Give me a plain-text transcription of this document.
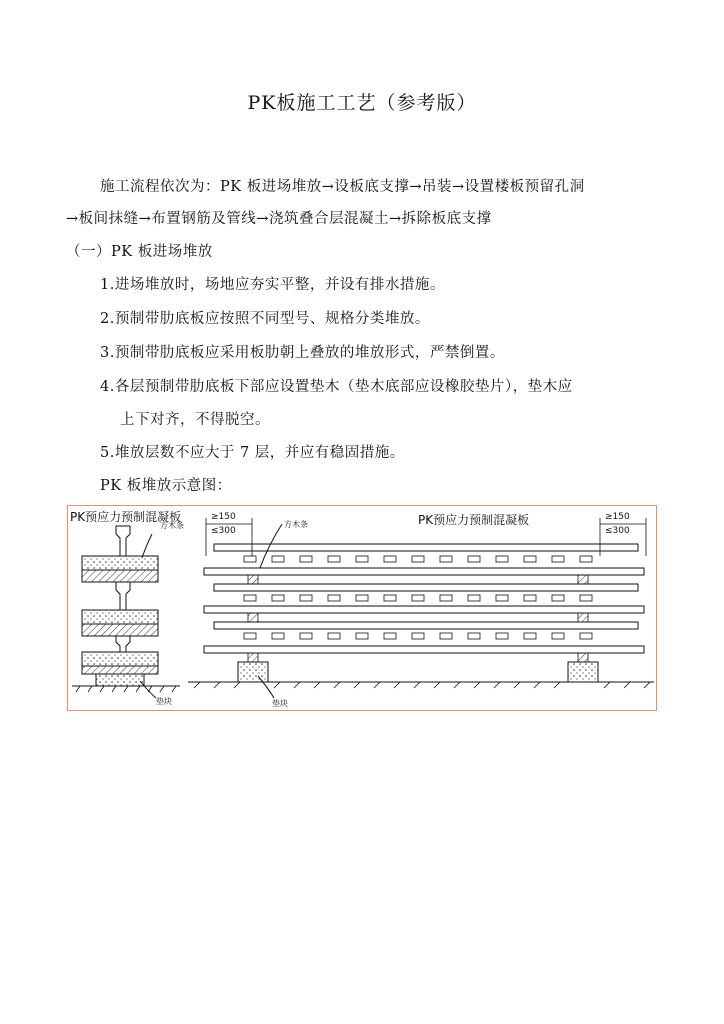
PK板施工工艺（参考版）
施工流程依次为：PK 板进场堆放→设板底支撑→吊装→设置楼板预留孔洞
→板间抹缝→布置钢筋及管线→浇筑叠合层混凝土→拆除板底支撑
（一）PK 板进场堆放
1.进场堆放时，场地应夯实平整，并设有排水措施。
2.预制带肋底板应按照不同型号、规格分类堆放。
3.预制带肋底板应采用板肋朝上叠放的堆放形式，严禁倒置。
4.各层预制带肋底板下部应设置垫木（垫木底部应设橡胶垫片），垫木应
上下对齐，不得脱空。
5.堆放层数不应大于 7 层，并应有稳固措施。
PK 板堆放示意图：
PK预应力预制混凝板
方木条
垫块
≥150
≤300
≥150
≤300
方木条	PK预应力预制混凝板
垫块
